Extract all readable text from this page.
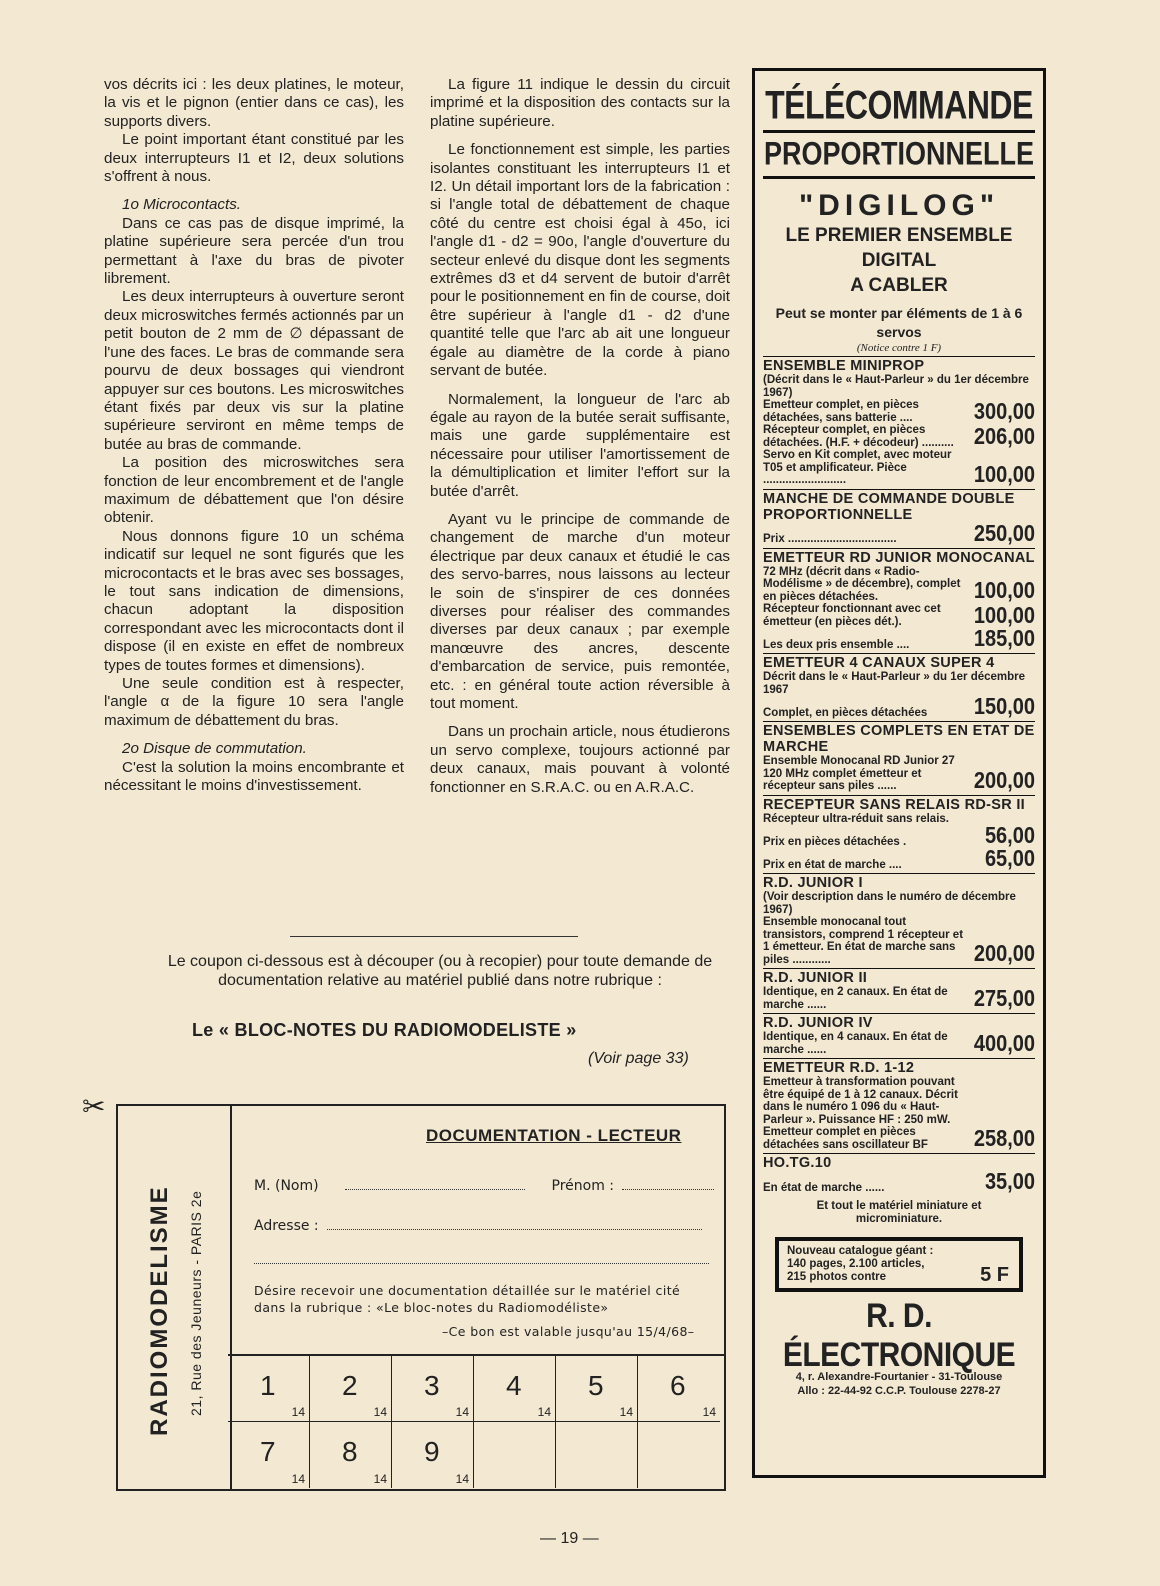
vos décrits ici : les deux platines, le moteur, la vis et le pignon (entier dans ce cas), les supports divers.

Le point important étant constitué par les deux interrupteurs I1 et I2, deux solutions s'offrent à nous.

1o Microcontacts.

Dans ce cas pas de disque imprimé, la platine supérieure sera percée d'un trou permettant à l'axe du bras de pivoter librement.

Les deux interrupteurs à ouverture seront deux microswitches fermés actionnés par un petit bouton de 2 mm de ∅ dépassant de l'une des faces. Le bras de commande sera pourvu de deux bossages qui viendront appuyer sur ces boutons. Les microswitches étant fixés par deux vis sur la platine supérieure serviront en même temps de butée au bras de commande.

La position des microswitches sera fonction de leur encombrement et de l'angle maximum de débattement que l'on désire obtenir.

Nous donnons figure 10 un schéma indicatif sur lequel ne sont figurés que les microcontacts et le bras avec ses bossages, le tout sans indication de dimensions, chacun adoptant la disposition correspondant avec les microcontacts dont il dispose (il en existe en effet de nombreux types de toutes formes et dimensions).

Une seule condition est à respecter, l'angle α de la figure 10 sera l'angle maximum de débattement du bras.

2o Disque de commutation.

C'est la solution la moins encombrante et nécessitant le moins d'investissement.

La figure 11 indique le dessin du circuit imprimé et la disposition des contacts sur la platine supérieure.

Le fonctionnement est simple, les parties isolantes constituant les interrupteurs I1 et I2. Un détail important lors de la fabrication : si l'angle total de débattement de chaque côté du centre est choisi égal à 45o, ici l'angle d1 - d2 = 90o, l'angle d'ouverture du secteur enlevé du disque dont les segments extrêmes d3 et d4 servent de butoir d'arrêt pour le positionnement en fin de course, doit être supérieur à l'angle d1 - d2 d'une quantité telle que l'arc ab ait une longueur égale au diamètre de la corde à piano servant de butée.

Normalement, la longueur de l'arc ab égale au rayon de la butée serait suffisante, mais une garde supplémentaire est nécessaire pour utiliser l'amortissement de la démultiplication et limiter l'effort sur la butée d'arrêt.

Ayant vu le principe de commande de changement de marche d'un moteur électrique par deux canaux et étudié le cas des servo-barres, nous laissons au lecteur le soin de s'inspirer de ces données diverses pour réaliser des commandes diverses par deux canaux ; par exemple manœuvre des ancres, descente d'embarcation de service, puis remontée, etc. : en général toute action réversible à tout moment.

Dans un prochain article, nous étudierons un servo complexe, toujours actionné par deux canaux, mais pouvant à volonté fonctionner en S.R.A.C. ou en A.R.A.C.

Le coupon ci-dessous est à découper (ou à recopier) pour toute demande de documentation relative au matériel publié dans notre rubrique :
Le « BLOC-NOTES DU RADIOMODELISTE »
(Voir page 33)
✂
RADIOMODELISME 21, Rue des Jeuneurs - PARIS 2e
DOCUMENTATION - LECTEUR
M. (Nom)	Prénom :
Adresse :
Désire recevoir une documentation détaillée sur le matériel cité dans la rubrique : «Le bloc-notes du Radiomodéliste»
–Ce bon est valable jusqu'au 15/4/68–
1
14
2
14
3
14
4
14
5
14
6
14
7
14
8
14
9
14
— 19 —
TÉLÉCOMMANDE
PROPORTIONNELLE
"DIGILOG"
LE PREMIER ENSEMBLE
DIGITAL
A CABLER
Peut se monter par éléments de 1 à 6 servos
(Notice contre 1 F)
ENSEMBLE MINIPROP
(Décrit dans le « Haut-Parleur » du 1er décembre 1967)
Emetteur complet, en pièces détachées, sans batterie ....	300,00
Récepteur complet, en pièces détachées. (H.F. + décodeur) ..........	206,00
Servo en Kit complet, avec moteur T05 et amplificateur. Pièce ..........................	100,00
MANCHE DE COMMANDE DOUBLE PROPORTIONNELLE
Prix ..................................	250,00
EMETTEUR RD JUNIOR MONOCANAL
72 MHz (décrit dans « Radio-Modélisme » de décembre), complet en pièces détachées.	100,00
Récepteur fonctionnant avec cet émetteur (en pièces dét.).	100,00
Les deux pris ensemble ....	185,00
EMETTEUR 4 CANAUX SUPER 4
Décrit dans le « Haut-Parleur » du 1er décembre 1967
Complet, en pièces détachées	150,00
ENSEMBLES COMPLETS EN ETAT DE MARCHE
Ensemble Monocanal RD Junior 27 120 MHz complet émetteur et récepteur sans piles ......	200,00
RECEPTEUR SANS RELAIS RD-SR II
Récepteur ultra-réduit sans relais.
Prix en pièces détachées .	56,00
Prix en état de marche ....	65,00
R.D. JUNIOR I
(Voir description dans le numéro de décembre 1967)
Ensemble monocanal tout transistors, comprend 1 récepteur et 1 émetteur. En état de marche sans piles ............	200,00
R.D. JUNIOR II
Identique, en 2 canaux. En état de marche ......	275,00
R.D. JUNIOR IV
Identique, en 4 canaux. En état de marche ......	400,00
EMETTEUR R.D. 1-12
Emetteur à transformation pouvant être équipé de 1 à 12 canaux. Décrit dans le numéro 1 096 du « Haut-Parleur ». Puissance HF : 250 mW. Emetteur complet en pièces détachées sans oscillateur BF	258,00
HO.TG.10
En état de marche ......	35,00
Et tout le matériel miniature et microminiature.
Nouveau catalogue géant : 140 pages, 2.100 articles, 215 photos contre	5 F
R. D. ÉLECTRONIQUE
4, r. Alexandre-Fourtanier - 31-Toulouse
Allo : 22-44-92 C.C.P. Toulouse 2278-27
